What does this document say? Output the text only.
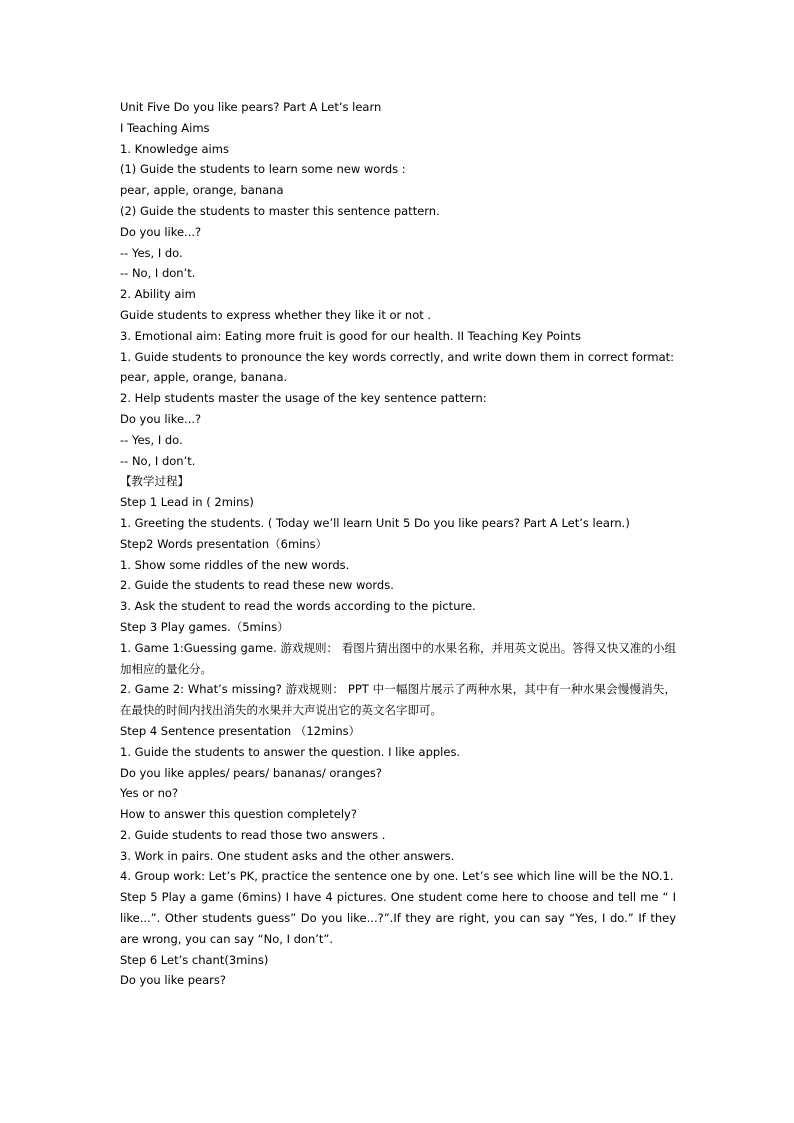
Unit Five Do you like pears? Part A Let’s learn
I Teaching Aims
1. Knowledge aims
(1) Guide the students to learn some new words :
pear, apple, orange, banana
(2) Guide the students to master this sentence pattern.
Do you like...?
-- Yes, I do.
-- No, I don’t.
2. Ability aim
Guide students to express whether they like it or not .
3. Emotional aim: Eating more fruit is good for our health. II Teaching Key Points
1. Guide students to pronounce the key words correctly, and write down them in correct format:
pear, apple, orange, banana.
2. Help students master the usage of the key sentence pattern:
Do you like...?
-- Yes, I do.
-- No, I don’t.
【教学过程】
Step 1 Lead in ( 2mins)
1. Greeting the students. ( Today we’ll learn Unit 5 Do you like pears? Part A Let’s learn.)
Step2 Words presentation（6mins）
1. Show some riddles of the new words.
2. Guide the students to read these new words.
3. Ask the student to read the words according to the picture.
Step 3 Play games.（5mins）
1. Game 1:Guessing game. 游戏规则： 看图片猜出图中的水果名称，并用英文说出。答得又快又准的小组加相应的量化分。
2. Game 2: What’s missing? 游戏规则： PPT 中一幅图片展示了两种水果，其中有一种水果会慢慢消失，在最快的时间内找出消失的水果并大声说出它的英文名字即可。
Step 4 Sentence presentation （12mins）
1. Guide the students to answer the question. I like apples.
Do you like apples/ pears/ bananas/ oranges?
Yes or no?
How to answer this question completely?
2. Guide students to read those two answers .
3. Work in pairs. One student asks and the other answers.
4. Group work: Let’s PK, practice the sentence one by one. Let’s see which line will be the NO.1.
Step 5 Play a game (6mins) I have 4 pictures. One student come here to choose and tell me “ I like...”. Other students guess” Do you like...?”.If they are right, you can say “Yes, I do.” If they are wrong, you can say “No, I don’t”.
Step 6 Let’s chant(3mins)
Do you like pears?
